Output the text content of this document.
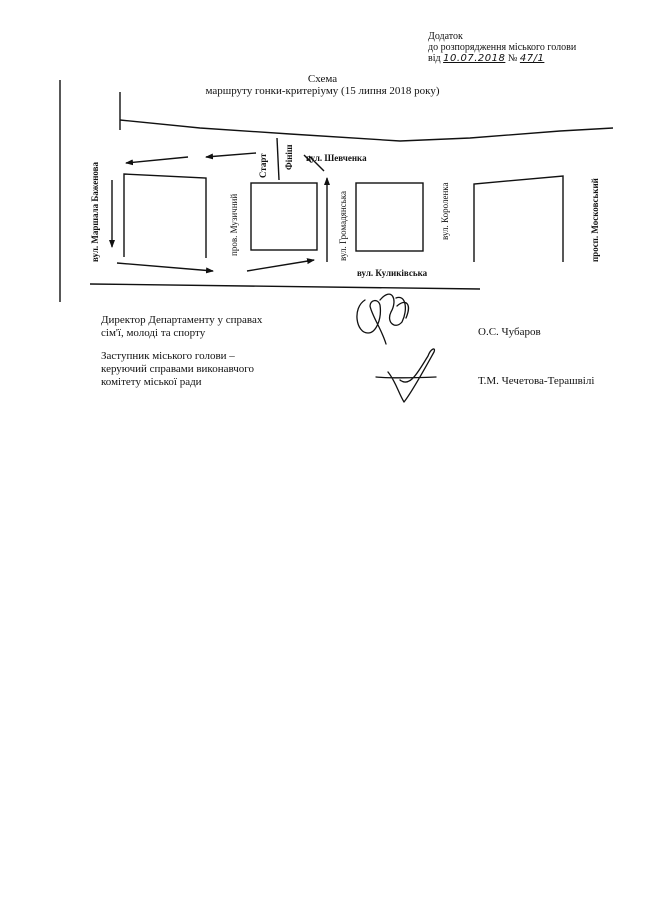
Додаток
до розпорядження міського голови
від 10.07.2018 № 47/1
Схема
маршруту гонки-критеріуму (15 липня 2018 року)
вул. Шевченка
вул. Куликівська
вул. Маршала Баженова	пров. Музичний	вул. Громадянська	вул. Короленка	просп. Московський
Старт Фініш
Директор Департаменту у справах
сім'ї, молоді та спорту	О.С. Чубаров
Заступник міського голови –
керуючий справами виконавчого
комітету міської ради	Т.М. Чечетова-Терашвілі
